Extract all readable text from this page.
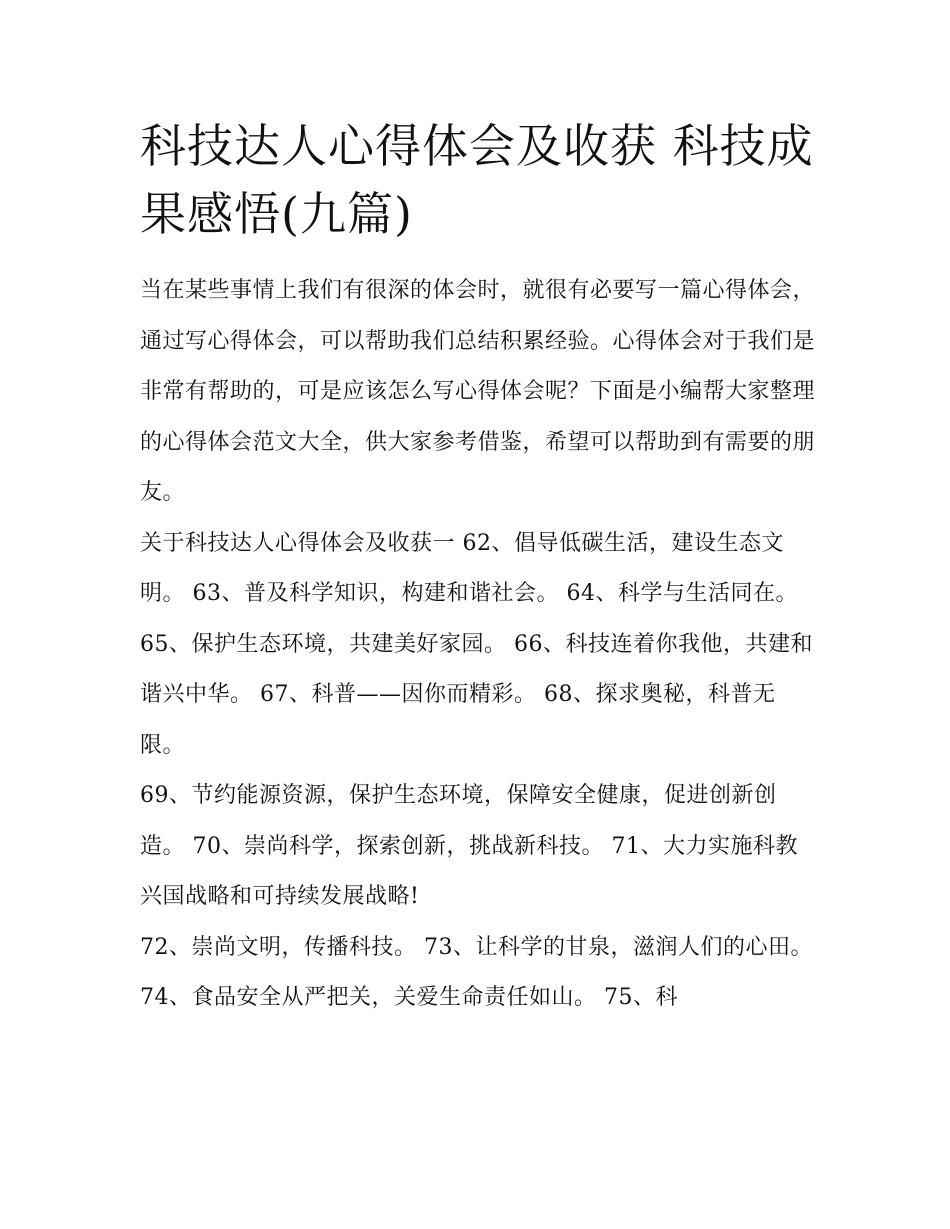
科技达人心得体会及收获 科技成果感悟(九篇)

当在某些事情上我们有很深的体会时，就很有必要写一篇心得体会，通过写心得体会，可以帮助我们总结积累经验。心得体会对于我们是非常有帮助的，可是应该怎么写心得体会呢？下面是小编帮大家整理的心得体会范文大全，供大家参考借鉴，希望可以帮助到有需要的朋友。

关于科技达人心得体会及收获一 62、倡导低碳生活，建设生态文明。 63、普及科学知识，构建和谐社会。 64、科学与生活同在。

65、保护生态环境，共建美好家园。 66、科技连着你我他，共建和谐兴中华。 67、科普——因你而精彩。 68、探求奥秘，科普无限。

69、节约能源资源，保护生态环境，保障安全健康，促进创新创造。 70、崇尚科学，探索创新，挑战新科技。 71、大力实施科教兴国战略和可持续发展战略!

72、崇尚文明，传播科技。 73、让科学的甘泉，滋润人们的心田。 74、食品安全从严把关，关爱生命责任如山。 75、科
